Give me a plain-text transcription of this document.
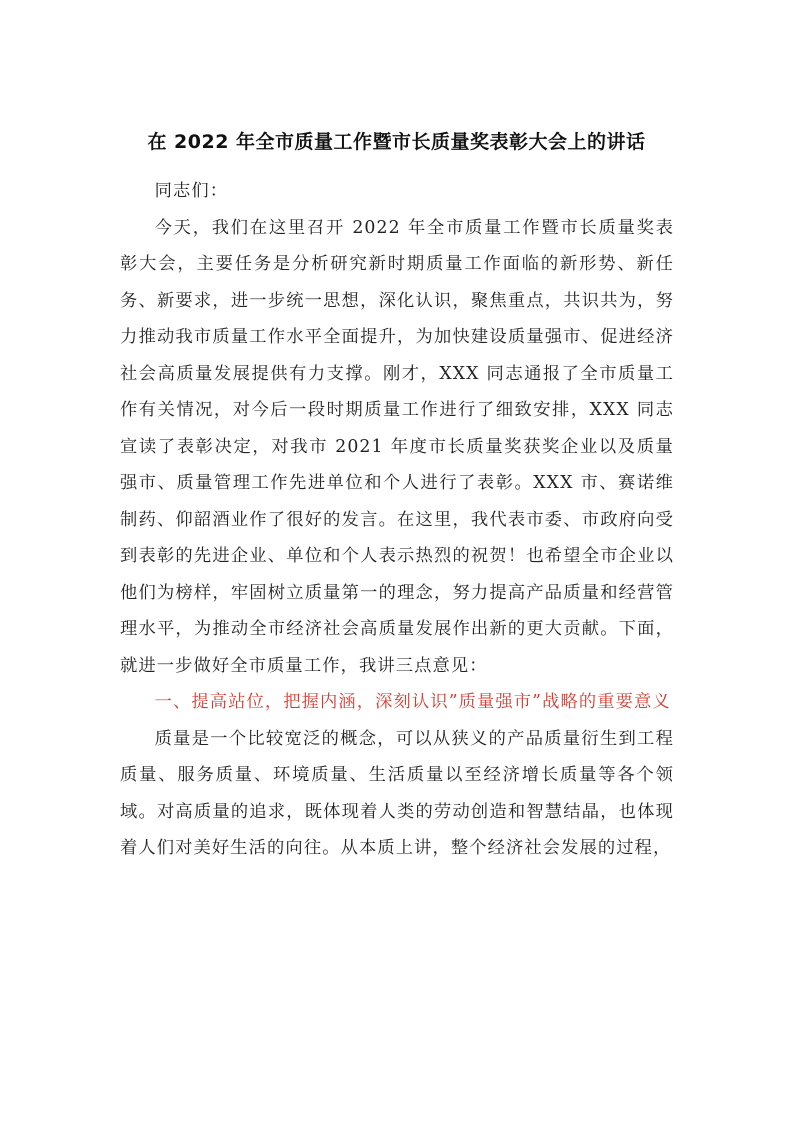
在 2022 年全市质量工作暨市长质量奖表彰大会上的讲话

同志们：

今天，我们在这里召开 2022 年全市质量工作暨市长质量奖表彰大会，主要任务是分析研究新时期质量工作面临的新形势、新任务、新要求，进一步统一思想，深化认识，聚焦重点，共识共为，努力推动我市质量工作水平全面提升，为加快建设质量强市、促进经济社会高质量发展提供有力支撑。刚才，XXX 同志通报了全市质量工作有关情况，对今后一段时期质量工作进行了细致安排，XXX 同志宣读了表彰决定，对我市 2021 年度市长质量奖获奖企业以及质量强市、质量管理工作先进单位和个人进行了表彰。XXX 市、赛诺维制药、仰韶酒业作了很好的发言。在这里，我代表市委、市政府向受到表彰的先进企业、单位和个人表示热烈的祝贺！也希望全市企业以他们为榜样，牢固树立质量第一的理念，努力提高产品质量和经营管理水平，为推动全市经济社会高质量发展作出新的更大贡献。下面，就进一步做好全市质量工作，我讲三点意见：

一、提高站位，把握内涵，深刻认识”质量强市”战略的重要意义

质量是一个比较宽泛的概念，可以从狭义的产品质量衍生到工程质量、服务质量、环境质量、生活质量以至经济增长质量等各个领域。对高质量的追求，既体现着人类的劳动创造和智慧结晶，也体现着人们对美好生活的向往。从本质上讲，整个经济社会发展的过程，
